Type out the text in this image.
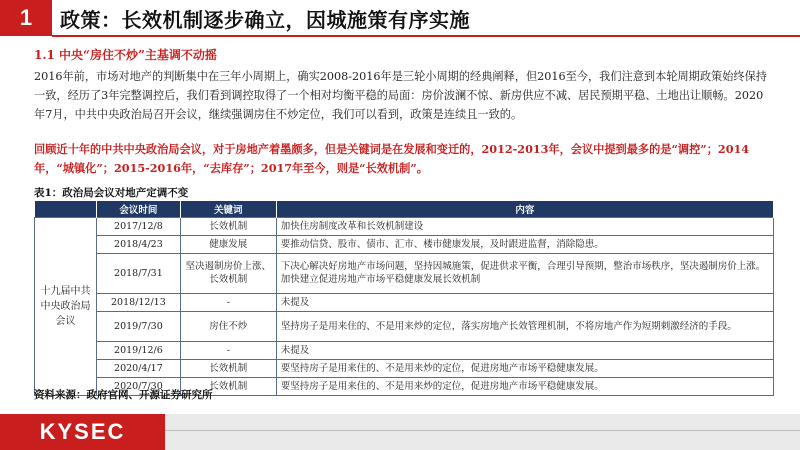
1	政策：长效机制逐步确立，因城施策有序实施
1.1 中央“房住不炒”主基调不动摇
2016年前，市场对地产的判断集中在三年小周期上，确实2008-2016年是三轮小周期的经典阐释，但2016至今，我们注意到本轮周期政策始终保持一致，经历了3年完整调控后，我们看到调控取得了一个相对均衡平稳的局面：房价波澜不惊、新房供应不减、居民预期平稳、土地出让顺畅。2020年7月，中共中央政治局召开会议，继续强调房住不炒定位，我们可以看到，政策是连续且一致的。
回顾近十年的中共中央政治局会议，对于房地产着墨颇多，但是关键词是在发展和变迁的，2012-2013年，会议中提到最多的是“调控”；2014年，“城镇化”；2015-2016年，“去库存”；2017年至今，则是“长效机制”。
表1：政治局会议对地产定调不变
	会议时间	关键词	内容
十九届中共中央政治局会议	2017/12/8	长效机制	加快住房制度改革和长效机制建设
	2018/4/23	健康发展	要推动信贷、股市、债市、汇市、楼市健康发展，及时跟进监督，消除隐患。
	2018/7/31	坚决遏制房价上涨、长效机制	下决心解决好房地产市场问题，坚持因城施策，促进供求平衡，合理引导预期，整治市场秩序，坚决遏制房价上涨。加快建立促进房地产市场平稳健康发展长效机制
	2018/12/13	-	未提及
	2019/7/30	房住不炒	坚持房子是用来住的、不是用来炒的定位，落实房地产长效管理机制，不将房地产作为短期刺激经济的手段。
	2019/12/6	-	未提及
	2020/4/17	长效机制	要坚持房子是用来住的、不是用来炒的定位，促进房地产市场平稳健康发展。
	2020/7/30	长效机制	要坚持房子是用来住的、不是用来炒的定位，促进房地产市场平稳健康发展。
资料来源：政府官网、开源证券研究所
KYSEC
